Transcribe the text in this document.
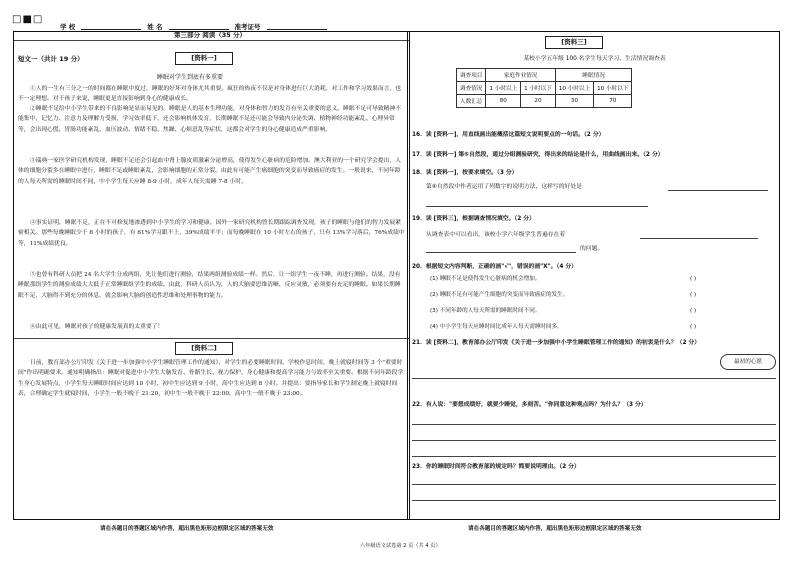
□■□
学 校	姓 名	准考证号
第三部分 阅读（35 分）
短文一（共计 19 分）	[资料一]
睡眠对学生到底有多重要
①人的一生有三分之一的时间都在睡眠中度过，睡眠的好坏对身体尤其重要。疯狂的热夜不仅是对身体进行巨大消耗，对工作和学习效果而言，也不一定理想。对于孩子来说，睡眠更是直接影响到身心的健康成长。
②睡眠不足给中小学生带来的不良影响是显而易见的。睡眠是人的基本生理功能，对身体和智力的发育有至关重要的意义。睡眠不足可导致精神不能集中，记忆力、注意力及理解力受损，学习效率低下，还会影响机体发育，长期睡眠不足还可能会导致内分泌失调、植物神经功能紊乱、心理异常等，会出现心慌、胃肠功能紊乱、血压波动、情绪不稳、焦躁、心烦意乱等症状，这都会对学生的身心健康造成严重影响。
③瑞典一家医学研究机构发现，睡眠不足还会引起血中肾上腺皮质激素分泌增高，使得发生心脏病的危险增加。澳大利亚的一个研究学会提出，人体的细胞分裂多在睡眠中进行，睡眠不足或睡眠紊乱，会影响细胞的正常分裂，由此有可能产生癌细胞的突变而导致癌症的发生。一般说来，不同年龄的人每天所需的睡眠时间不同，中小学生每天应睡 8-9 小时，成年人每天需睡 7-8 小时。
④事实证明，睡眠不足，正在不可修复地渗透到中小学生的学习和健康。国外一家研究机构曾长期跟踪调查发现，孩子的睡眠与他们的智力发展紧密相关。那些每晚睡眠少于 8 小时的孩子，有 61%学习跟不上，39%成绩平平；而每晚睡眠在 10 小时左右的孩子，只有 13%学习落后，76%成绩中等，11%成绩优良。
⑤也曾有科研人员把 24 名大学生分成两组，先让他们进行测验，结果两组测验成绩一样。然后，让一组学生一夜不睡，再进行测验。结果，没有睡眠那组学生的测验成绩大大低于正常睡眠组学生的成绩。由此，科研人员认为，人的大脑要思维清晰，反应灵敏，必须要有充足的睡眠。如果长期睡眠不足，大脑得不到充分的休息，就会影响大脑的创造性思维和处理事物的能力。
⑥由此可见，睡眠对孩子的健康发展真的太重要了！
[资料二]
日前，教育部办公厅印发《关于进一步加强中小学生睡眠管理工作的通知》，对学生的必要睡眠时间、学校作息时间、晚上就寝时间等 3 个"重要时间"作出明确要求。通知明确指出：睡眠对促进中小学生大脑发育、骨骼生长、视力保护、身心健康和提高学习能力与效率至关重要。根据不同年龄段学生身心发展特点，小学生每天睡眠时间应达到 10 小时，初中生应达到 9 小时，高中生应达到 8 小时。并提出：要指导家长和学生制定晚上就寝时间表，合理确定学生就寝时间，小学生一般不晚于 21:20，初中生一般不晚于 22:00，高中生一般不晚于 23:00。
请在各题目的答题区域内作答，超出黑色矩形边框限定区域的答案无效
[资料三]
某校小学五年级 100 名学生每天学习、生活情况调查表
调查项目	家庭作业情况		睡眠情况	
调查情况	1 小时以上	1 小时以下	10 小时以上	10 小时以下
人数汇总	80	20	30	70
16．读 [资料一]，用直线画出能概括这篇短文说明要点的一句话。（2 分）
17．读 [资料一] 第⑤自然段，通过分组测验研究，得出来的结论是什么，用曲线画出来。（2 分）
18．读 [资料一]，按要求填空。（3 分）
第④自然段中作者运用了列数字的说明方法，这样写的好处是
19．读 [资料三]，根据调查情况填空。（2 分）
从调查表中可以看出，该校小学六年级学生普遍存在着
的问题。
20．根据短文内容判断，正确的画"√"，错误的画"X"。（4 分）
(1) 睡眠不足是使得发生心脏病的机会增加。	( )
(2) 睡眠不足有可能产生细胞的突变而导致癌症的发生。	( )
(3) 不同年龄的人每天所需的睡眠时间不同。	( )
(4) 中小学生每天应睡时间比成年人每天需睡时间多。	( )
21．读 [资料二]，教育部办公厅印发《关于进一步加强中小学生睡眠管理工作的通知》的初衷是什么？（2 分）
最初的心愿
22．有人说："要想成绩好，就要少睡觉，多刻苦。"你同意这种观点吗？为什么？（3 分）
23．你的睡眠时间符合教育部的规定吗？简要说明理由。（2 分）
请在各题目的答题区域内作答，超出黑色矩形边框限定区域的答案无效
六年级语文试卷第 2 页（共 4 页）
